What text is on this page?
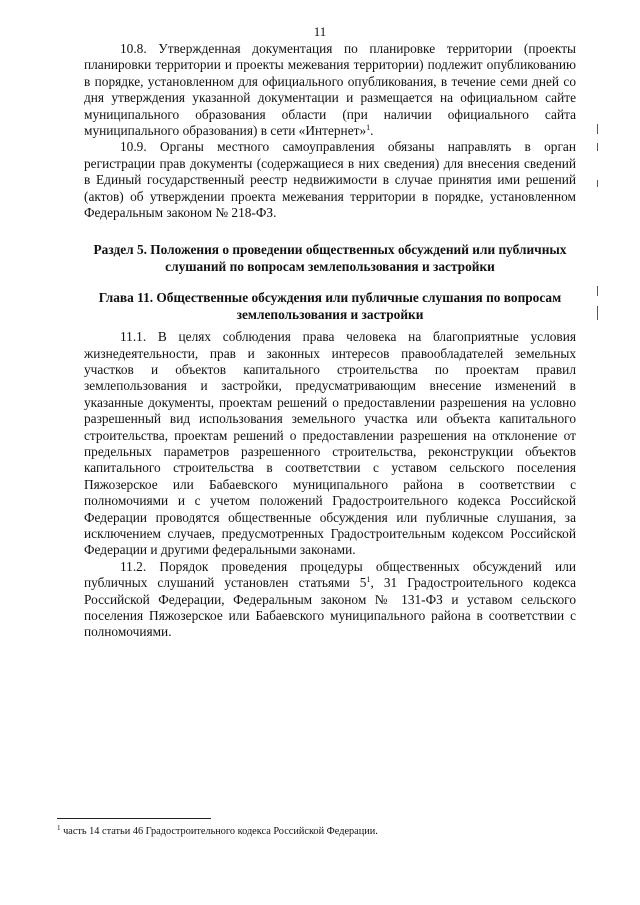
11

10.8. Утвержденная документация по планировке территории (проекты планировки территории и проекты межевания территории) подлежит опубликованию в порядке, установленном для официального опубликования, в течение семи дней со дня утверждения указанной документации и размещается на официальном сайте муниципального образования области (при наличии официального сайта муниципального образования) в сети «Интернет»$^1$.

10.9. Органы местного самоуправления обязаны направлять в орган регистрации прав документы (содержащиеся в них сведения) для внесения сведений в Единый государственный реестр недвижимости в случае принятия ими решений (актов) об утверждении проекта межевания территории в порядке, установленном Федеральным законом № 218-ФЗ.

Раздел 5. Положения о проведении общественных обсуждений или публичных слушаний по вопросам землепользования и застройки

Глава 11. Общественные обсуждения или публичные слушания по вопросам землепользования и застройки

11.1. В целях соблюдения права человека на благоприятные условия жизнедеятельности, прав и законных интересов правообладателей земельных участков и объектов капитального строительства по проектам правил землепользования и застройки, предусматривающим внесение изменений в указанные документы, проектам решений о предоставлении разрешения на условно разрешенный вид использования земельного участка или объекта капитального строительства, проектам решений о предоставлении разрешения на отклонение от предельных параметров разрешенного строительства, реконструкции объектов капитального строительства в соответствии с уставом сельского поселения Пяжозерское или Бабаевского муниципального района в соответствии с полномочиями и с учетом положений Градостроительного кодекса Российской Федерации проводятся общественные обсуждения или публичные слушания, за исключением случаев, предусмотренных Градостроительным кодексом Российской Федерации и другими федеральными законами.

11.2. Порядок проведения процедуры общественных обсуждений или публичных слушаний установлен статьями $5^1$, 31 Градостроительного кодекса Российской Федерации, Федеральным законом № 131-ФЗ и уставом сельского поселения Пяжозерское или Бабаевского муниципального района в соответствии с полномочиями.

$^1$ часть 14 статьи 46 Градостроительного кодекса Российской Федерации.
